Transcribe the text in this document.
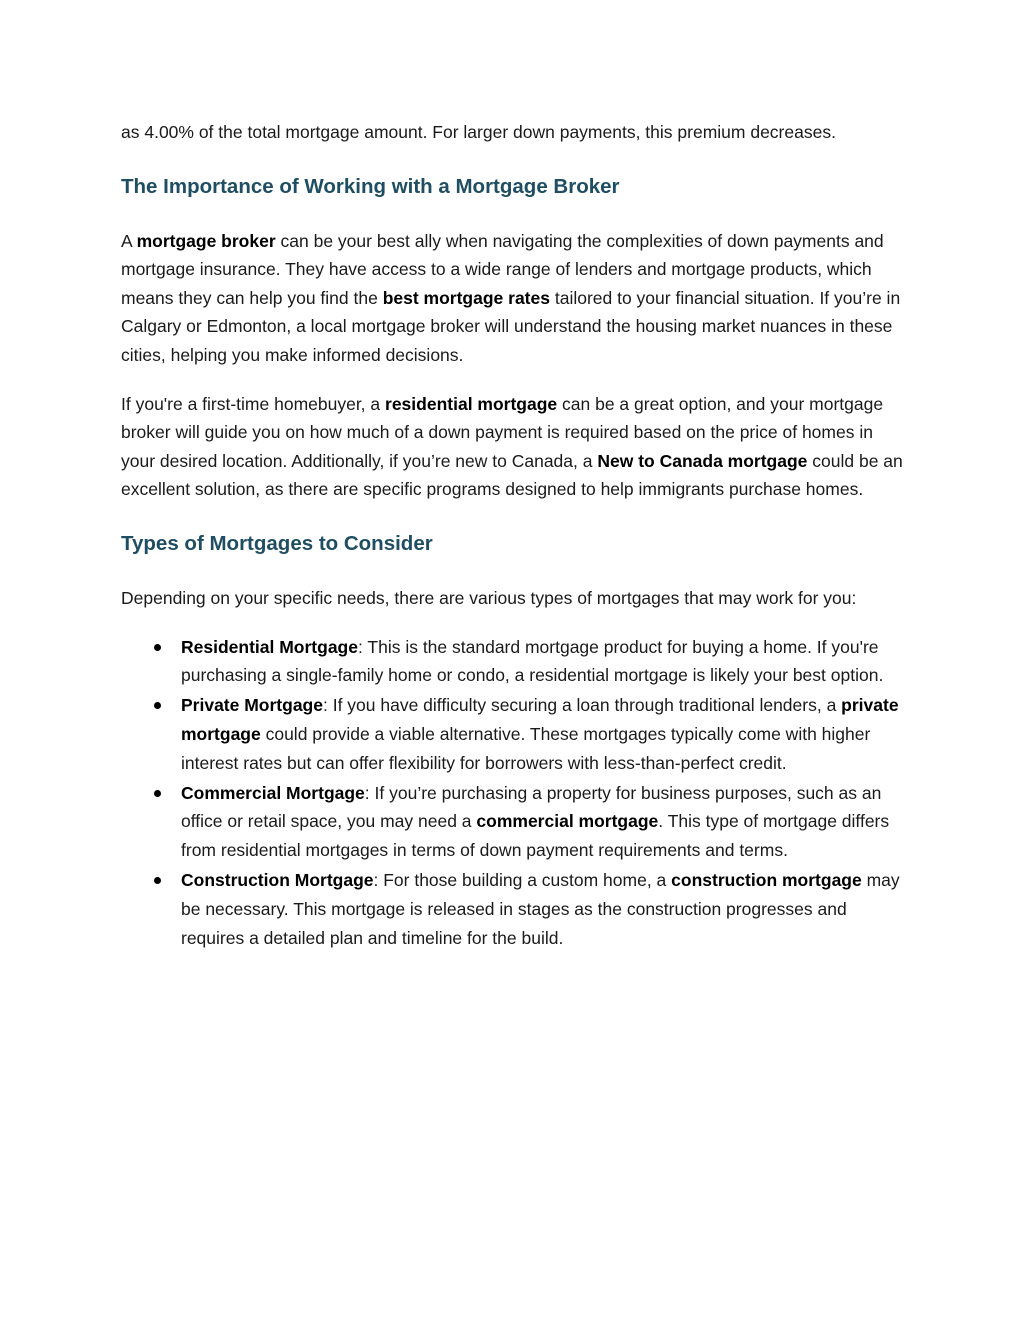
as 4.00% of the total mortgage amount. For larger down payments, this premium decreases.

The Importance of Working with a Mortgage Broker

A mortgage broker can be your best ally when navigating the complexities of down payments and mortgage insurance. They have access to a wide range of lenders and mortgage products, which means they can help you find the best mortgage rates tailored to your financial situation. If you’re in Calgary or Edmonton, a local mortgage broker will understand the housing market nuances in these cities, helping you make informed decisions.

If you're a first-time homebuyer, a residential mortgage can be a great option, and your mortgage broker will guide you on how much of a down payment is required based on the price of homes in your desired location. Additionally, if you’re new to Canada, a New to Canada mortgage could be an excellent solution, as there are specific programs designed to help immigrants purchase homes.

Types of Mortgages to Consider

Depending on your specific needs, there are various types of mortgages that may work for you:

Residential Mortgage: This is the standard mortgage product for buying a home. If you're purchasing a single-family home or condo, a residential mortgage is likely your best option.
Private Mortgage: If you have difficulty securing a loan through traditional lenders, a private mortgage could provide a viable alternative. These mortgages typically come with higher interest rates but can offer flexibility for borrowers with less-than-perfect credit.
Commercial Mortgage: If you’re purchasing a property for business purposes, such as an office or retail space, you may need a commercial mortgage. This type of mortgage differs from residential mortgages in terms of down payment requirements and terms.
Construction Mortgage: For those building a custom home, a construction mortgage may be necessary. This mortgage is released in stages as the construction progresses and requires a detailed plan and timeline for the build.
